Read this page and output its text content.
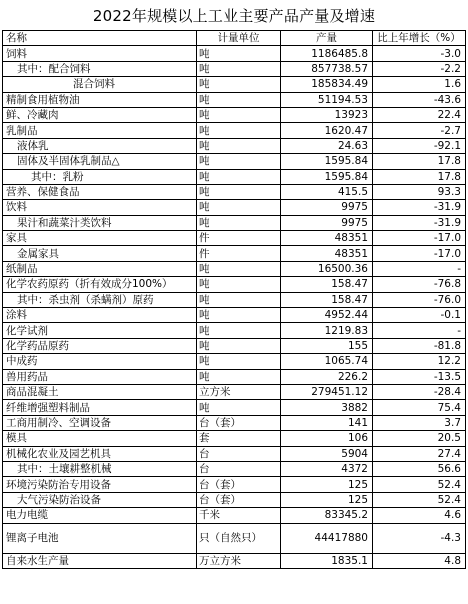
2022年规模以上工业主要产品产量及增速
名称	计量单位	产量	比上年增长（%）
饲料	吨	1186485.8	-3.0
其中：配合饲料	吨	857738.57	-2.2
混合饲料	吨	185834.49	1.6
精制食用植物油	吨	51194.53	-43.6
鲜、冷藏肉	吨	13923	22.4
乳制品	吨	1620.47	-2.7
液体乳	吨	24.63	-92.1
固体及半固体乳制品△	吨	1595.84	17.8
其中：乳粉	吨	1595.84	17.8
营养、保健食品	吨	415.5	93.3
饮料	吨	9975	-31.9
果汁和蔬菜汁类饮料	吨	9975	-31.9
家具	件	48351	-17.0
金属家具	件	48351	-17.0
纸制品	吨	16500.36	-
化学农药原药（折有效成分100%）	吨	158.47	-76.8
其中：杀虫剂（杀螨剂）原药	吨	158.47	-76.0
涂料	吨	4952.44	-0.1
化学试剂	吨	1219.83	-
化学药品原药	吨	155	-81.8
中成药	吨	1065.74	12.2
兽用药品	吨	226.2	-13.5
商品混凝土	立方米	279451.12	-28.4
纤维增强塑料制品	吨	3882	75.4
工商用制冷、空调设备	台（套）	141	3.7
模具	套	106	20.5
机械化农业及园艺机具	台	5904	27.4
其中：土壤耕整机械	台	4372	56.6
环境污染防治专用设备	台（套）	125	52.4
大气污染防治设备	台（套）	125	52.4
电力电缆	千米	83345.2	4.6
锂离子电池	只（自然只）	44417880	-4.3
自来水生产量	万立方米	1835.1	4.8
